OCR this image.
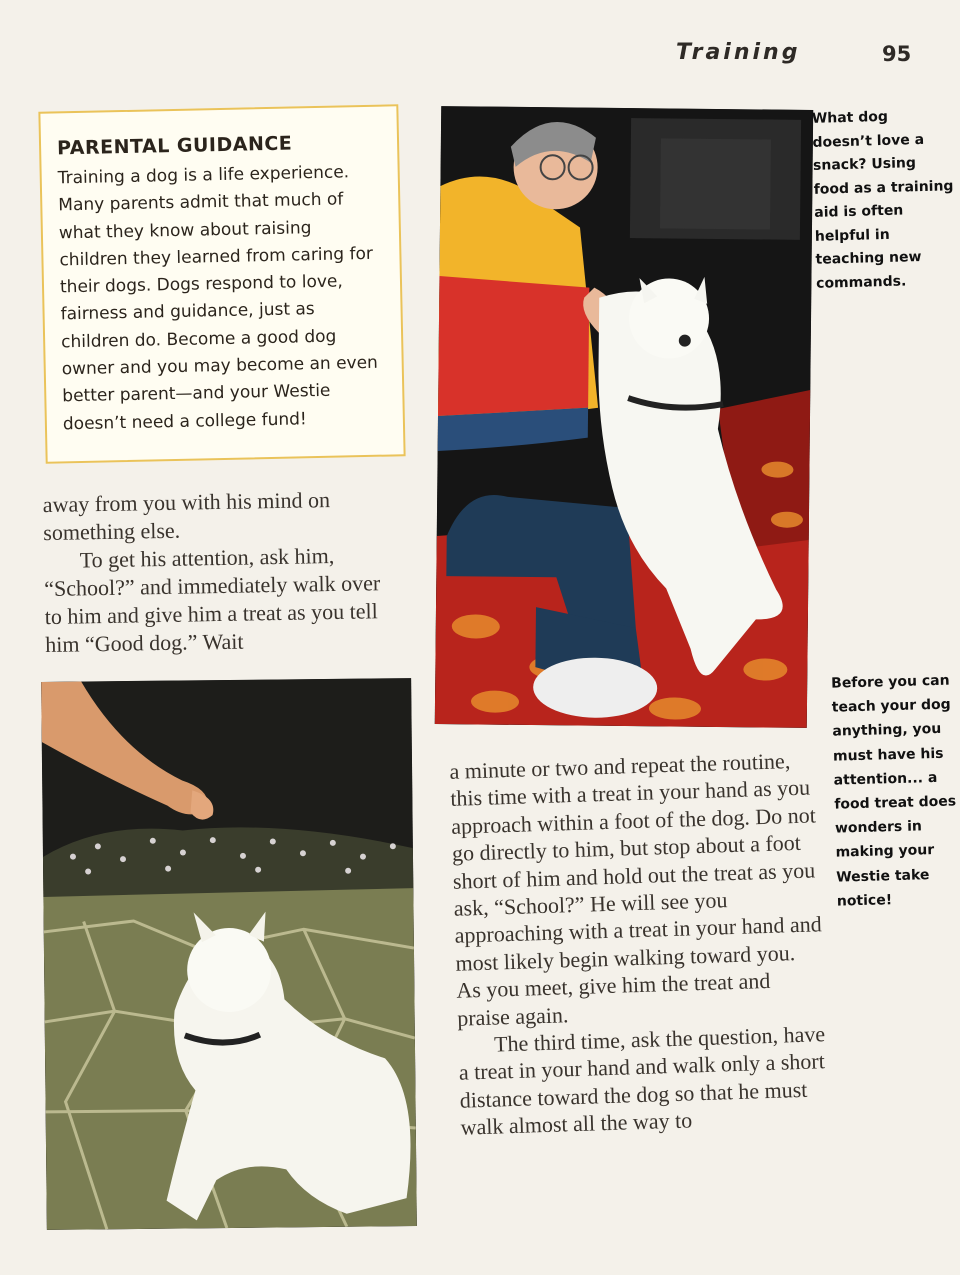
Training	95
PARENTAL GUIDANCE

Training a dog is a life experience. Many parents admit that much of what they know about raising children they learned from caring for their dogs. Dogs respond to love, fairness and guidance, just as children do. Become a good dog owner and you may become an even better parent—and your Westie doesn’t need a college fund!

away from you with his mind on something else.

To get his attention, ask him, “School?” and immediately walk over to him and give him a treat as you tell him “Good dog.” Wait

What dog doesn’t love a snack? Using food as a training aid is often helpful in teaching new commands.

a minute or two and repeat the routine, this time with a treat in your hand as you approach within a foot of the dog. Do not go directly to him, but stop about a foot short of him and hold out the treat as you ask, “School?” He will see you approaching with a treat in your hand and most likely begin walking toward you. As you meet, give him the treat and praise again.

The third time, ask the question, have a treat in your hand and walk only a short distance toward the dog so that he must walk almost all the way to

Before you can teach your dog anything, you must have his attention... a food treat does wonders in making your Westie take notice!
